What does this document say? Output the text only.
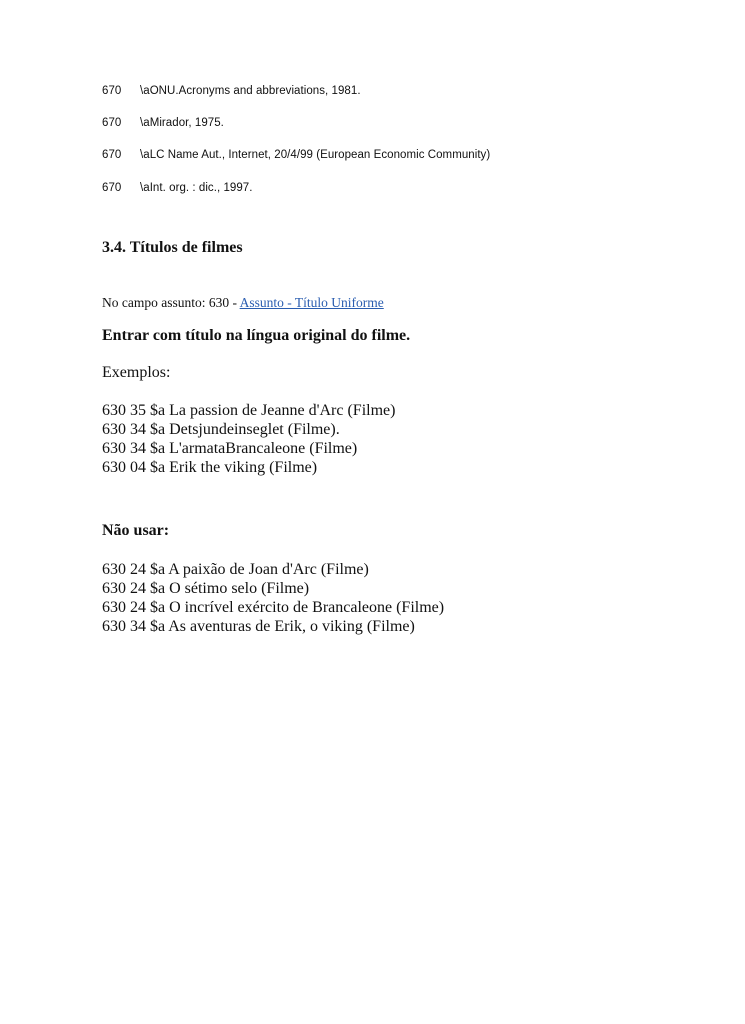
670 \aONU.Acronyms and abbreviations, 1981.
670 \aMirador, 1975.
670 \aLC Name Aut., Internet, 20/4/99 (European Economic Community)
670 \aInt. org. : dic., 1997.
3.4. Títulos de filmes
No campo assunto: 630 - Assunto - Título Uniforme
Entrar com título na língua original do filme.
Exemplos:
630 35 $a La passion de Jeanne d'Arc (Filme)
630 34 $a Detsjundeinseglet (Filme).
630 34 $a L'armataBrancaleone (Filme)
630 04 $a Erik the viking (Filme)
Não usar:
630 24 $a A paixão de Joan d'Arc (Filme)
630 24 $a O sétimo selo (Filme)
630 24 $a O incrível exército de Brancaleone (Filme)
630 34 $a As aventuras de Erik, o viking (Filme)
